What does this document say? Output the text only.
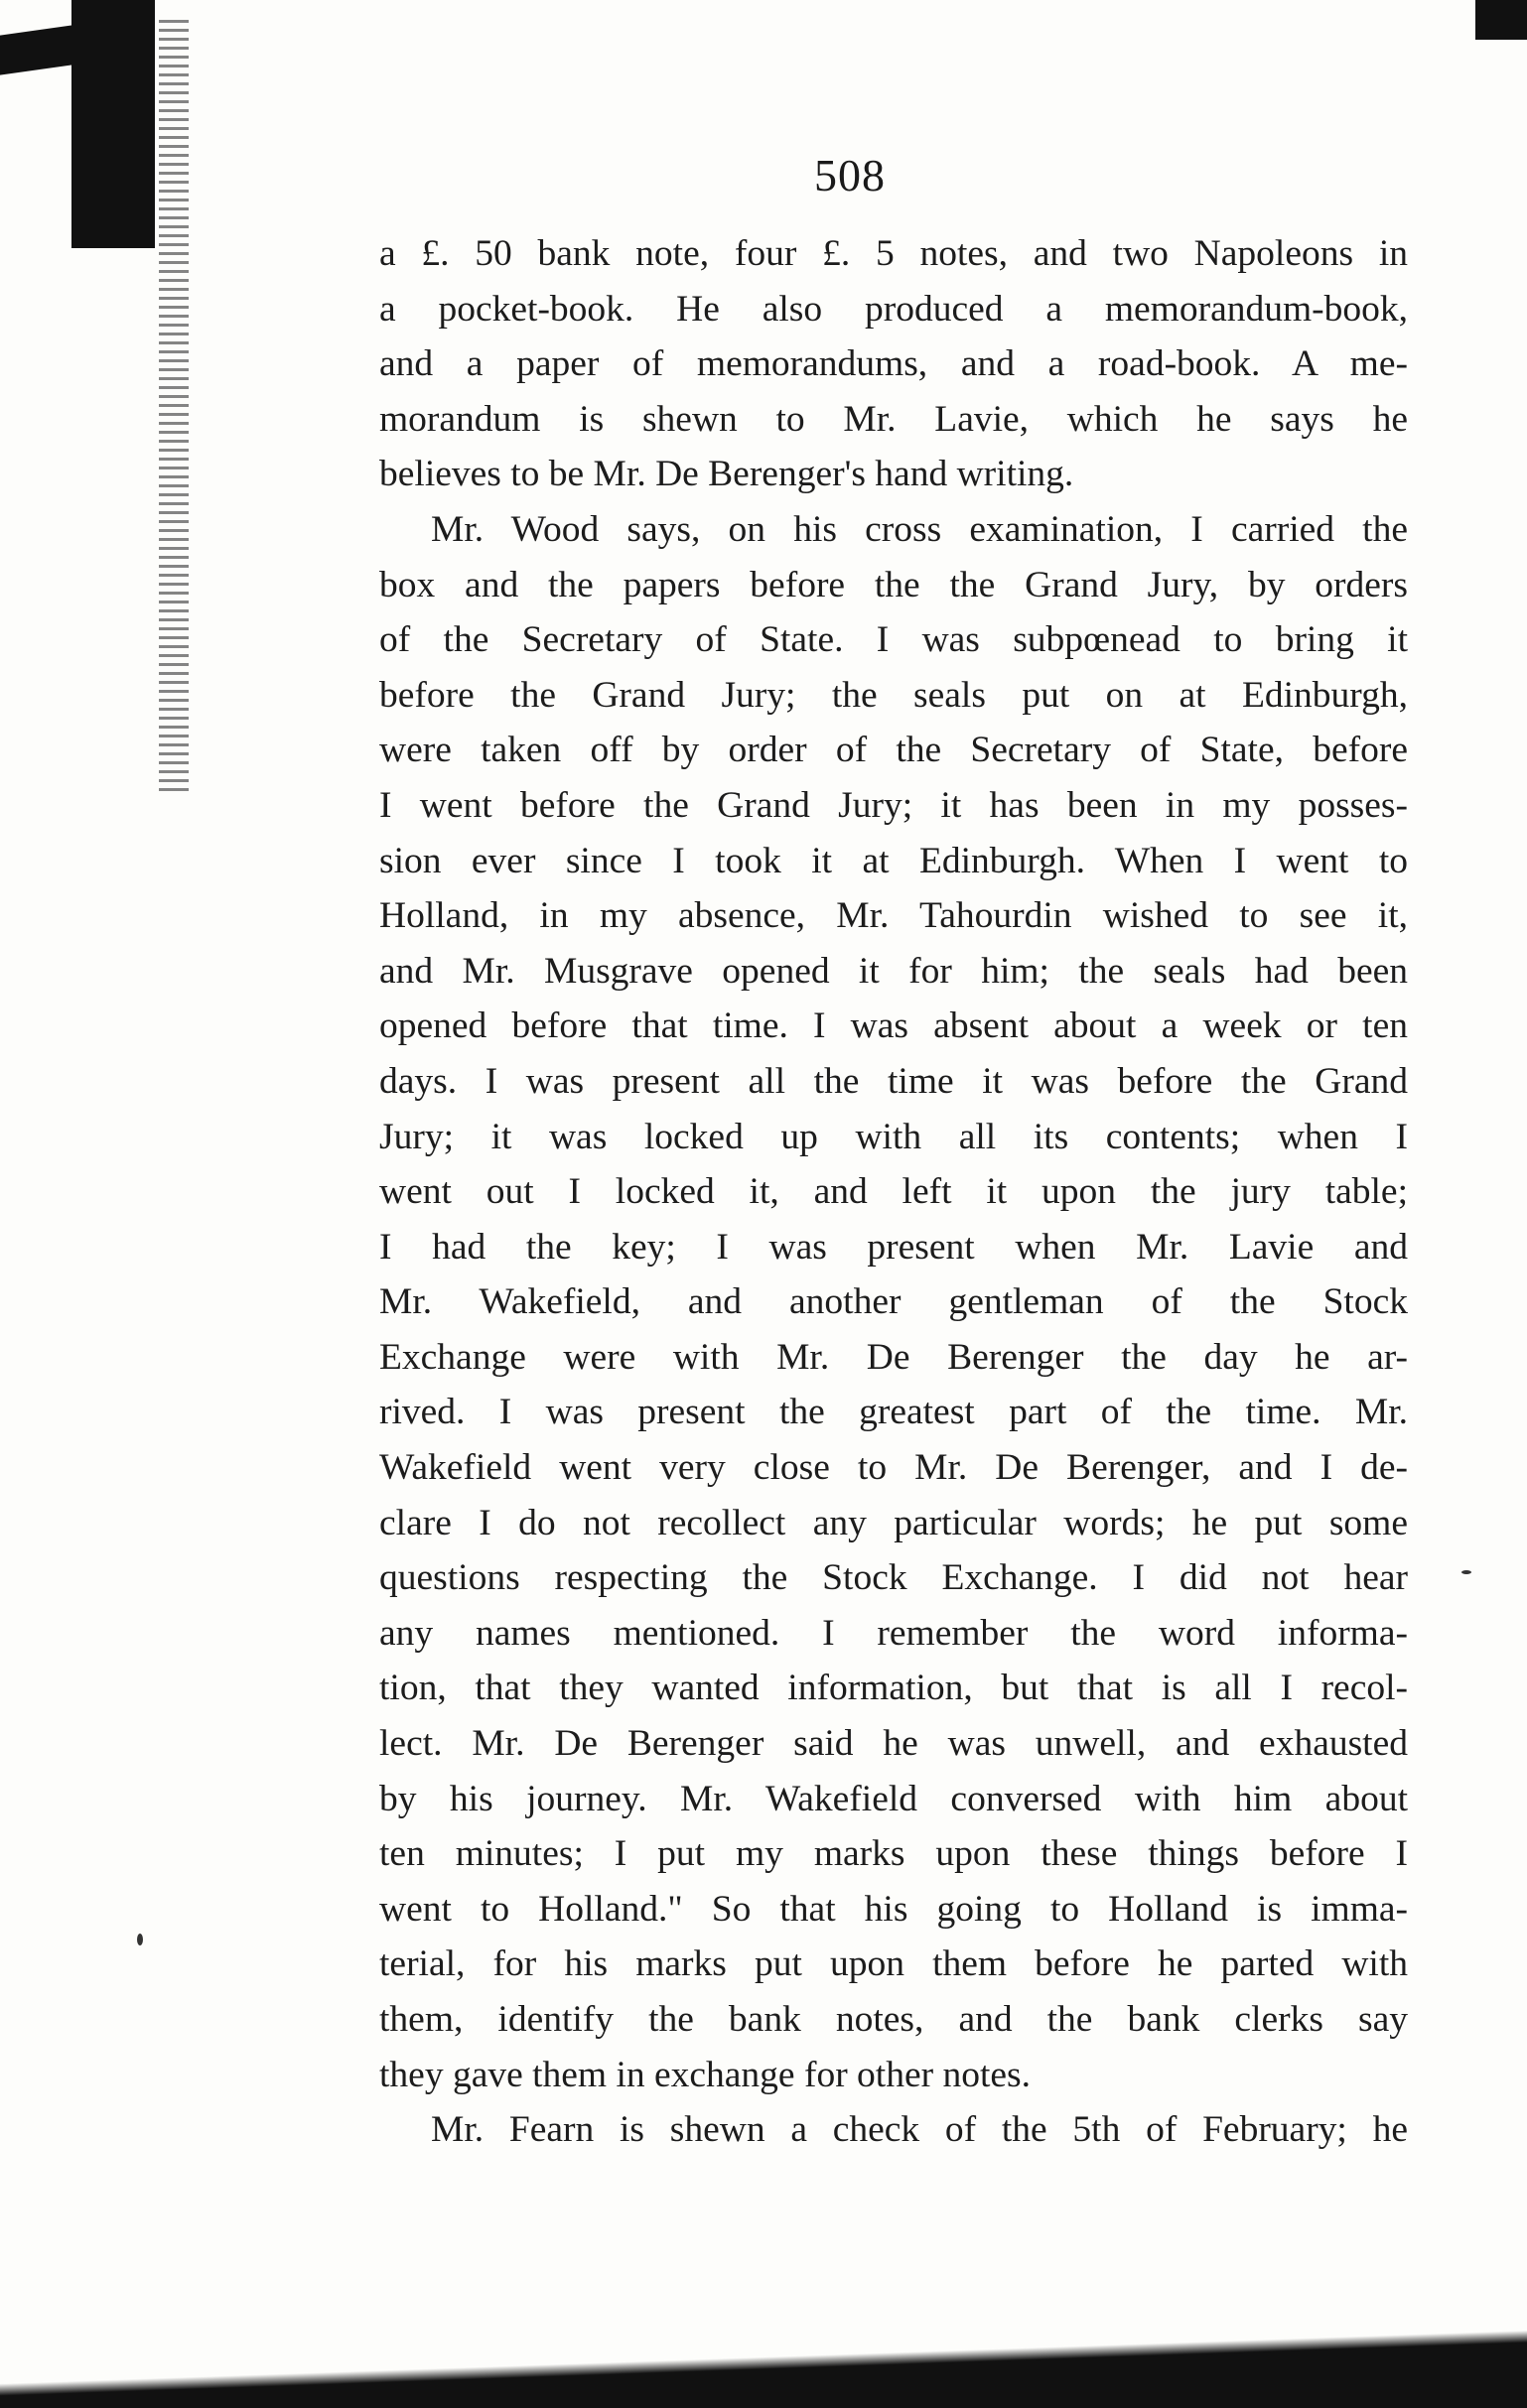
508
a £. 50 bank note, four £. 5 notes, and two Napoleons in
a pocket-book. He also produced a memorandum-book,
and a paper of memorandums, and a road-book. A me-
morandum is shewn to Mr. Lavie, which he says he
believes to be Mr. De Berenger's hand writing.
Mr. Wood says, on his cross examination, I carried the
box and the papers before the the Grand Jury, by orders
of the Secretary of State. I was subpœnead to bring it
before the Grand Jury; the seals put on at Edinburgh,
were taken off by order of the Secretary of State, before
I went before the Grand Jury; it has been in my posses-
sion ever since I took it at Edinburgh. When I went to
Holland, in my absence, Mr. Tahourdin wished to see it,
and Mr. Musgrave opened it for him; the seals had been
opened before that time. I was absent about a week or ten
days. I was present all the time it was before the Grand
Jury; it was locked up with all its contents; when I
went out I locked it, and left it upon the jury table;
I had the key; I was present when Mr. Lavie and
Mr. Wakefield, and another gentleman of the Stock
Exchange were with Mr. De Berenger the day he ar-
rived. I was present the greatest part of the time. Mr.
Wakefield went very close to Mr. De Berenger, and I de-
clare I do not recollect any particular words; he put some
questions respecting the Stock Exchange. I did not hear
any names mentioned. I remember the word informa-
tion, that they wanted information, but that is all I recol-
lect. Mr. De Berenger said he was unwell, and exhausted
by his journey. Mr. Wakefield conversed with him about
ten minutes; I put my marks upon these things before I
went to Holland." So that his going to Holland is imma-
terial, for his marks put upon them before he parted with
them, identify the bank notes, and the bank clerks say
they gave them in exchange for other notes.
Mr. Fearn is shewn a check of the 5th of February; he
